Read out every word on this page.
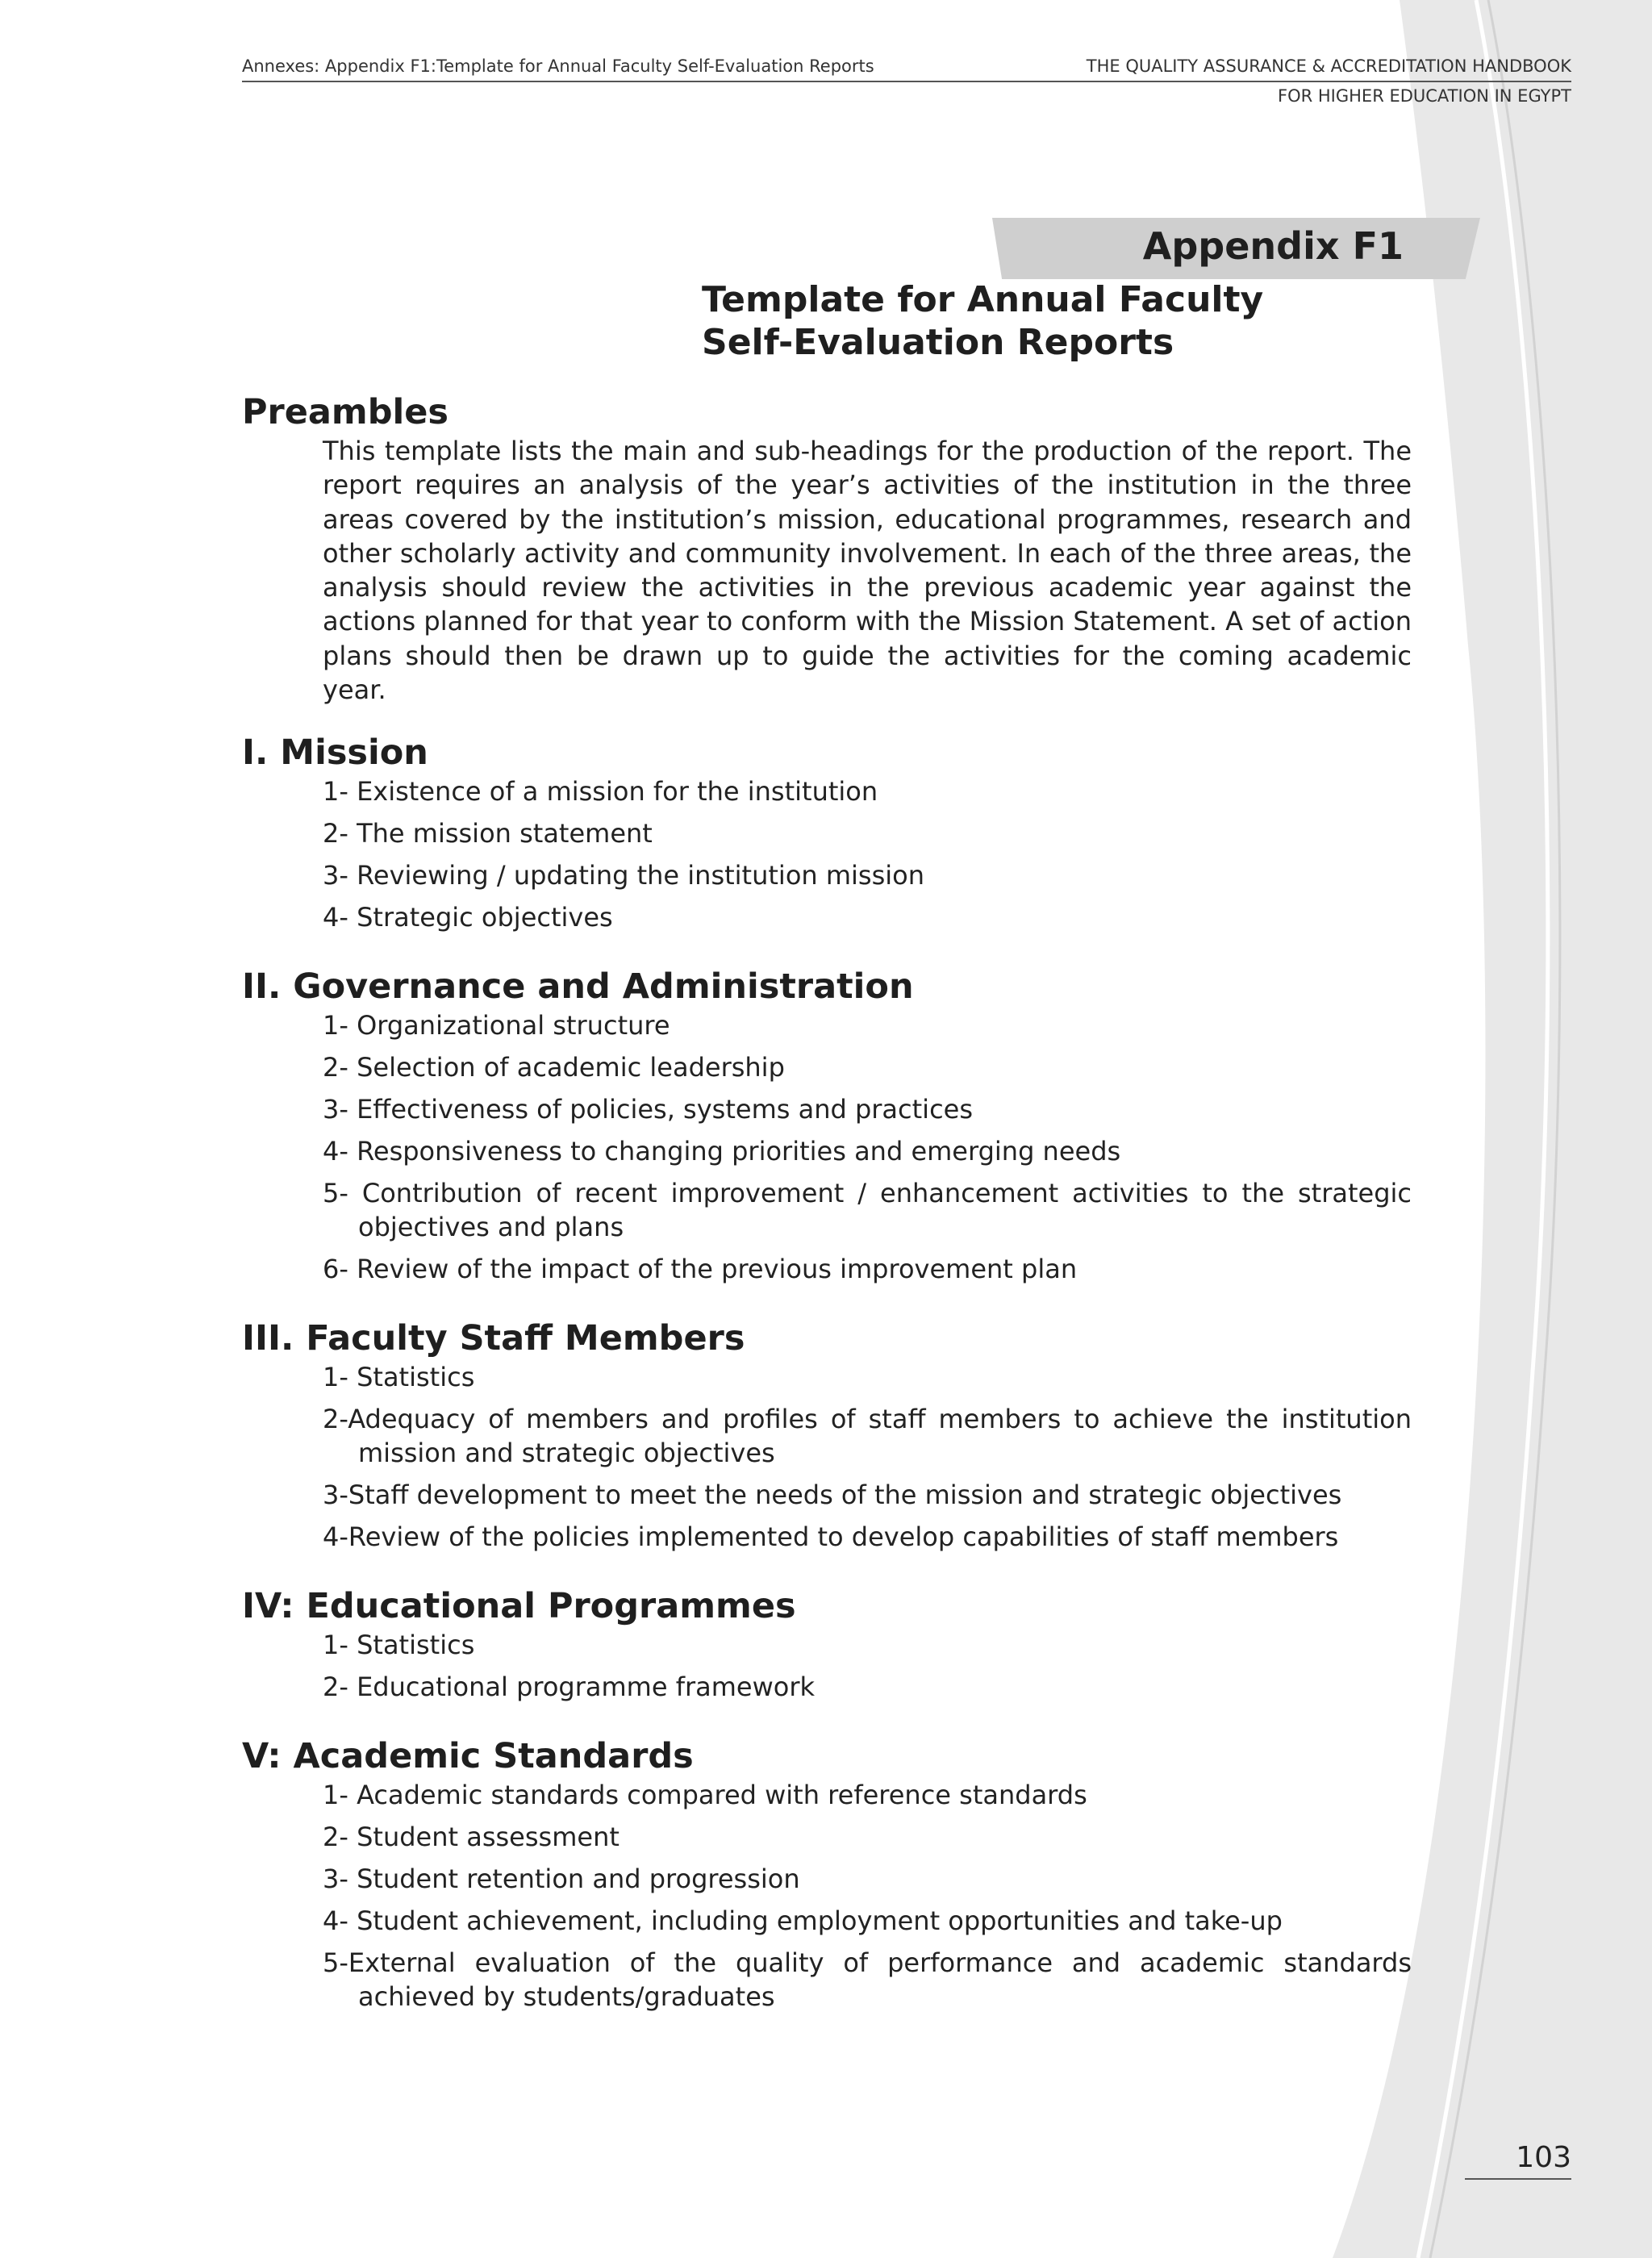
Annexes: Appendix F1:Template for Annual Faculty Self-Evaluation Reports	THE QUALITY ASSURANCE & ACCREDITATION HANDBOOK
FOR HIGHER EDUCATION IN EGYPT
Appendix F1
Template for Annual Faculty
Self-Evaluation Reports
Preambles

This template lists the main and sub-headings for the production of the report. The report requires an analysis of the year’s activities of the institution in the three areas covered by the institution’s mission, educational programmes, research and other scholarly activity and community involvement. In each of the three areas, the analysis should review the activities in the previous academic year against the actions planned for that year to conform with the Mission Statement. A set of action plans should then be drawn up to guide the activities for the coming academic year.

I. Mission
1- Existence of a mission for the institution
2- The mission statement
3- Reviewing / updating the institution mission
4- Strategic objectives
II. Governance and Administration
1- Organizational structure
2- Selection of academic leadership
3- Effectiveness of policies, systems and practices
4- Responsiveness to changing priorities and emerging needs
5- Contribution of recent improvement / enhancement activities to the strategic objectives and plans
6- Review of the impact of the previous improvement plan
III. Faculty Staff Members
1- Statistics
2-Adequacy of members and profiles of staff members to achieve the institution mission and strategic objectives
3-Staff development to meet the needs of the mission and strategic objectives
4-Review of the policies implemented to develop capabilities of staff members
IV: Educational Programmes
1- Statistics
2- Educational programme framework
V: Academic Standards
1- Academic standards compared with reference standards
2- Student assessment
3- Student retention and progression
4- Student achievement, including employment opportunities and take-up
5-External evaluation of the quality of performance and academic standards achieved by students/graduates
103
